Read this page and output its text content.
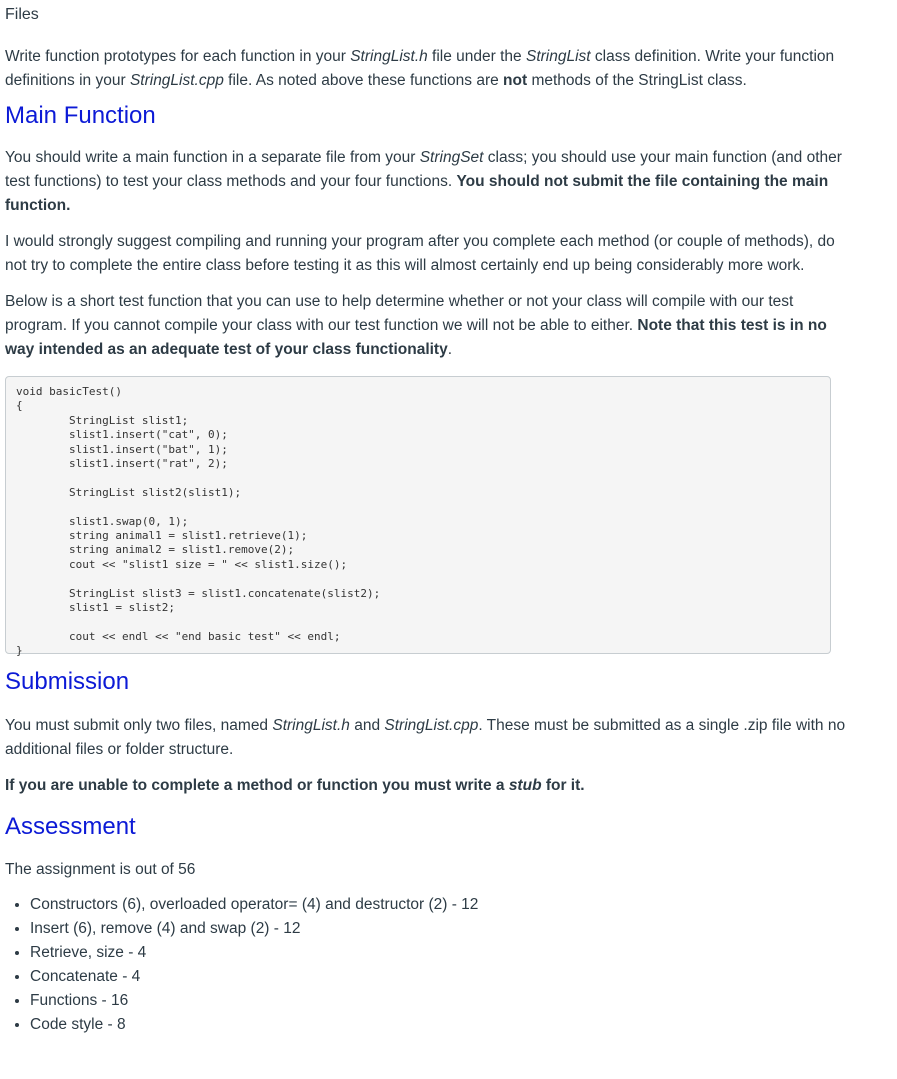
Files

Write function prototypes for each function in your StringList.h file under the StringList class definition. Write your function definitions in your StringList.cpp file. As noted above these functions are not methods of the StringList class.

Main Function

You should write a main function in a separate file from your StringSet class; you should use your main function (and other test functions) to test your class methods and your four functions. You should not submit the file containing the main function.

I would strongly suggest compiling and running your program after you complete each method (or couple of methods), do not try to complete the entire class before testing it as this will almost certainly end up being considerably more work.

Below is a short test function that you can use to help determine whether or not your class will compile with our test program. If you cannot compile your class with our test function we will not be able to either. Note that this test is in no way intended as an adequate test of your class functionality.

void basicTest()
{
StringList slist1;
slist1.insert("cat", 0);
slist1.insert("bat", 1);
slist1.insert("rat", 2);

StringList slist2(slist1);

slist1.swap(0, 1);
string animal1 = slist1.retrieve(1);
string animal2 = slist1.remove(2);
cout << "slist1 size = " << slist1.size();

StringList slist3 = slist1.concatenate(slist2);
slist1 = slist2;

cout << endl << "end basic test" << endl;
}
Submission

You must submit only two files, named StringList.h and StringList.cpp. These must be submitted as a single .zip file with no additional files or folder structure.

If you are unable to complete a method or function you must write a stub for it.

Assessment

The assignment is out of 56

• Constructors (6), overloaded operator= (4) and destructor (2) - 12
• Insert (6), remove (4) and swap (2) - 12
• Retrieve, size - 4
• Concatenate - 4
• Functions - 16
• Code style - 8
